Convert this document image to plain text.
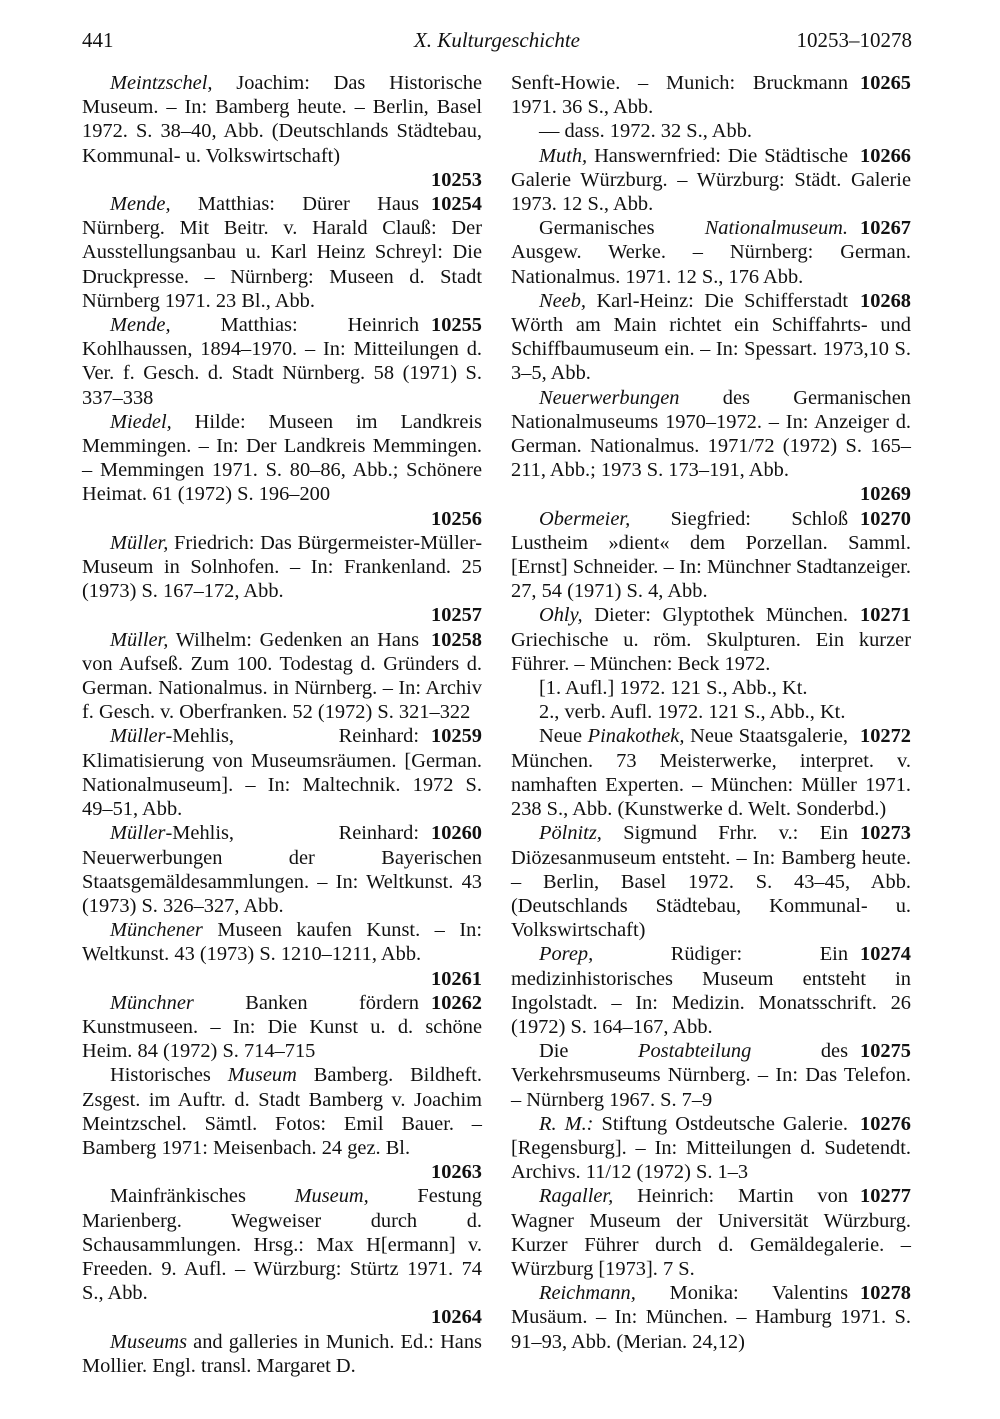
441	X. Kulturgeschichte	10253–10278

Meintzschel, Joachim: Das Historische Museum. – In: Bamberg heute. – Berlin, Basel 1972. S. 38–40, Abb. (Deutschlands Städtebau, Kommunal- u. Volkswirtschaft)
10253

10254
Mende, Matthias: Dürer Haus Nürnberg. Mit Beitr. v. Harald Clauß: Der Ausstellungsanbau u. Karl Heinz Schreyl: Die Druckpresse. – Nürnberg: Museen d. Stadt Nürnberg 1971. 23 Bl., Abb.

10255
Mende, Matthias: Heinrich Kohlhaussen, 1894–1970. – In: Mitteilungen d. Ver. f. Gesch. d. Stadt Nürnberg. 58 (1971) S. 337–338

Miedel, Hilde: Museen im Landkreis Memmingen. – In: Der Landkreis Memmingen. – Memmingen 1971. S. 80–86, Abb.; Schönere Heimat. 61 (1972) S. 196–200
10256

Müller, Friedrich: Das Bürgermeister-Müller-Museum in Solnhofen. – In: Frankenland. 25 (1973) S. 167–172, Abb.
10257

10258
Müller, Wilhelm: Gedenken an Hans von Aufseß. Zum 100. Todestag d. Gründers d. German. Nationalmus. in Nürnberg. – In: Archiv f. Gesch. v. Oberfranken. 52 (1972) S. 321–322

10259
Müller-Mehlis, Reinhard: Klimatisierung von Museumsräumen. [German. Nationalmuseum]. – In: Maltechnik. 1972 S. 49–51, Abb.

10260
Müller-Mehlis, Reinhard: Neuerwerbungen der Bayerischen Staatsgemäldesammlungen. – In: Weltkunst. 43 (1973) S. 326–327, Abb.

Münchener Museen kaufen Kunst. – In: Weltkunst. 43 (1973) S. 1210–1211, Abb.
10261

10262
Münchner Banken fördern Kunstmuseen. – In: Die Kunst u. d. schöne Heim. 84 (1972) S. 714–715

Historisches Museum Bamberg. Bildheft. Zsgest. im Auftr. d. Stadt Bamberg v. Joachim Meintzschel. Sämtl. Fotos: Emil Bauer. – Bamberg 1971: Meisenbach. 24 gez. Bl.
10263

Mainfränkisches Museum, Festung Marienberg. Wegweiser durch d. Schausammlungen. Hrsg.: Max H[ermann] v. Freeden. 9. Aufl. – Würzburg: Stürtz 1971. 74 S., Abb.
10264

Museums and galleries in Munich. Ed.: Hans Mollier. Engl. transl. Margaret D.

10265
Senft-Howie. – Munich: Bruckmann 1971. 36 S., Abb.

— dass. 1972. 32 S., Abb.

10266
Muth, Hanswernfried: Die Städtische Galerie Würzburg. – Würzburg: Städt. Galerie 1973. 12 S., Abb.

10267
Germanisches Nationalmuseum. Ausgew. Werke. – Nürnberg: German. Nationalmus. 1971. 12 S., 176 Abb.

10268
Neeb, Karl-Heinz: Die Schifferstadt Wörth am Main richtet ein Schiffahrts- und Schiffbaumuseum ein. – In: Spessart. 1973,10 S. 3–5, Abb.

Neuerwerbungen des Germanischen Nationalmuseums 1970–1972. – In: Anzeiger d. German. Nationalmus. 1971/72 (1972) S. 165–211, Abb.; 1973 S. 173–191, Abb.
10269

10270
Obermeier, Siegfried: Schloß Lustheim »dient« dem Porzellan. Samml. [Ernst] Schneider. – In: Münchner Stadtanzeiger. 27, 54 (1971) S. 4, Abb.

10271
Ohly, Dieter: Glyptothek München. Griechische u. röm. Skulpturen. Ein kurzer Führer. – München: Beck 1972.

[1. Aufl.] 1972. 121 S., Abb., Kt.

2., verb. Aufl. 1972. 121 S., Abb., Kt.

10272
Neue Pinakothek, Neue Staatsgalerie, München. 73 Meisterwerke, interpret. v. namhaften Experten. – München: Müller 1971. 238 S., Abb. (Kunstwerke d. Welt. Sonderbd.)

10273
Pölnitz, Sigmund Frhr. v.: Ein Diözesanmuseum entsteht. – In: Bamberg heute. – Berlin, Basel 1972. S. 43–45, Abb. (Deutschlands Städtebau, Kommunal- u. Volkswirtschaft)

10274
Porep, Rüdiger: Ein medizinhistorisches Museum entsteht in Ingolstadt. – In: Medizin. Monatsschrift. 26 (1972) S. 164–167, Abb.

10275
Die Postabteilung des Verkehrsmuseums Nürnberg. – In: Das Telefon. – Nürnberg 1967. S. 7–9

10276
R. M.: Stiftung Ostdeutsche Galerie. [Regensburg]. – In: Mitteilungen d. Sudetendt. Archivs. 11/12 (1972) S. 1–3

10277
Ragaller, Heinrich: Martin von Wagner Museum der Universität Würzburg. Kurzer Führer durch d. Gemäldegalerie. – Würzburg [1973]. 7 S.

10278
Reichmann, Monika: Valentins Musäum. – In: München. – Hamburg 1971. S. 91–93, Abb. (Merian. 24,12)
